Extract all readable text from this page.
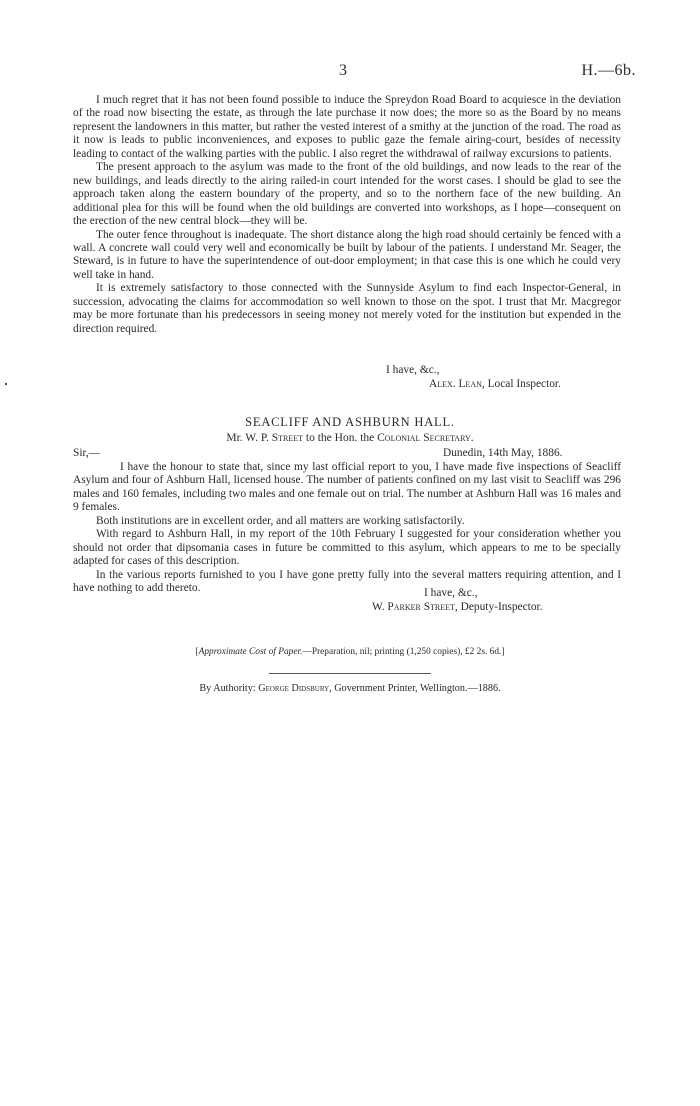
3	H.—6b.

I much regret that it has not been found possible to induce the Spreydon Road Board to acquiesce in the deviation of the road now bisecting the estate, as through the late purchase it now does; the more so as the Board by no means represent the landowners in this matter, but rather the vested interest of a smithy at the junction of the road. The road as it now is leads to public inconveniences, and exposes to public gaze the female airing-court, besides of necessity leading to contact of the walking parties with the public. I also regret the withdrawal of railway excursions to patients.

The present approach to the asylum was made to the front of the old buildings, and now leads to the rear of the new buildings, and leads directly to the airing railed-in court intended for the worst cases. I should be glad to see the approach taken along the eastern boundary of the property, and so to the northern face of the new building. An additional plea for this will be found when the old buildings are converted into workshops, as I hope—consequent on the erection of the new central block—they will be.

The outer fence throughout is inadequate. The short distance along the high road should certainly be fenced with a wall. A concrete wall could very well and economically be built by labour of the patients. I understand Mr. Seager, the Steward, is in future to have the superintendence of out-door employment; in that case this is one which he could very well take in hand.

It is extremely satisfactory to those connected with the Sunnyside Asylum to find each Inspector-General, in succession, advocating the claims for accommodation so well known to those on the spot. I trust that Mr. Macgregor may be more fortunate than his predecessors in seeing money not merely voted for the institution but expended in the direction required.

I have, &c.,
Alex. Lean, Local Inspector.
SEACLIFF AND ASHBURN HALL.
Mr. W. P. Street to the Hon. the Colonial Secretary.
Sir,—	Dunedin, 14th May, 1886.

I have the honour to state that, since my last official report to you, I have made five inspections of Seacliff Asylum and four of Ashburn Hall, licensed house. The number of patients confined on my last visit to Seacliff was 296 males and 160 females, including two males and one female out on trial. The number at Ashburn Hall was 16 males and 9 females.

Both institutions are in excellent order, and all matters are working satisfactorily.

With regard to Ashburn Hall, in my report of the 10th February I suggested for your consideration whether you should not order that dipsomania cases in future be committed to this asylum, which appears to me to be specially adapted for cases of this description.

In the various reports furnished to you I have gone pretty fully into the several matters requiring attention, and I have nothing to add thereto.	I have, &c.,
W. Parker Street, Deputy-Inspector.
[Approximate Cost of Paper.—Preparation, nil; printing (1,250 copies), £2 2s. 6d.]
By Authority: George Didsbury, Government Printer, Wellington.—1886.
